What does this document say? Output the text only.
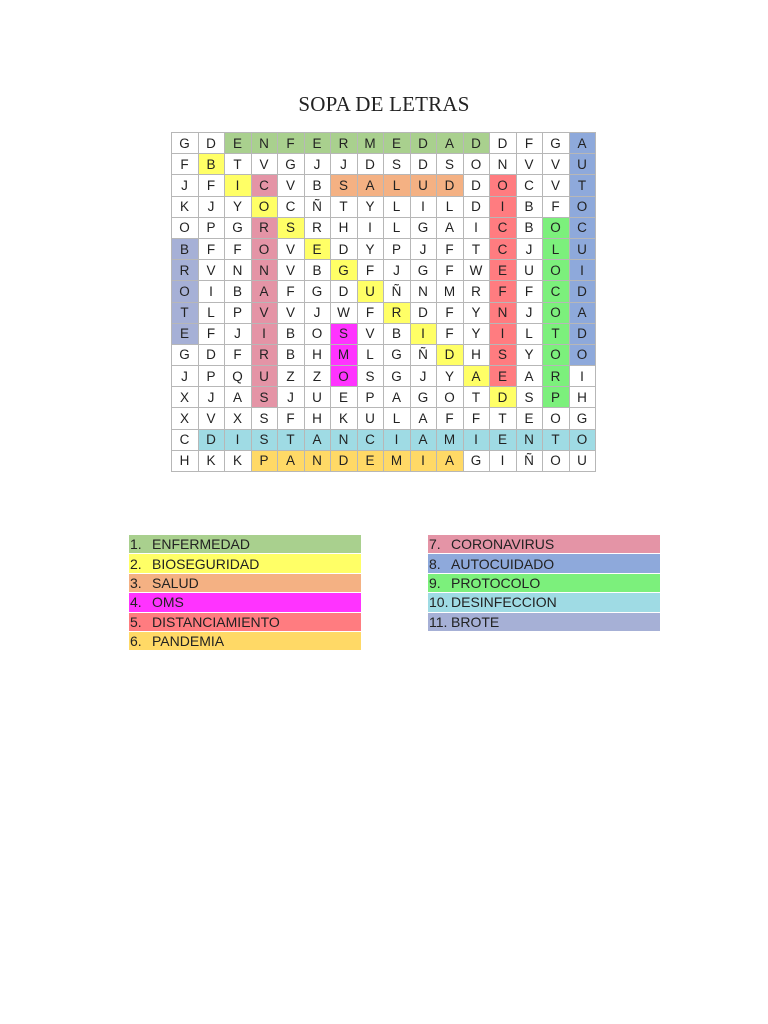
SOPA DE LETRAS
G	D	E	N	F	E	R	M	E	D	A	D	D	F	G	A
F	B	T	V	G	J	J	D	S	D	S	O	N	V	V	U
J	F	I	C	V	B	S	A	L	U	D	D	O	C	V	T
K	J	Y	O	C	Ñ	T	Y	L	I	L	D	I	B	F	O
O	P	G	R	S	R	H	I	L	G	A	I	C	B	O	C
B	F	F	O	V	E	D	Y	P	J	F	T	C	J	L	U
R	V	N	N	V	B	G	F	J	G	F	W	E	U	O	I
O	I	B	A	F	G	D	U	Ñ	N	M	R	F	F	C	D
T	L	P	V	V	J	W	F	R	D	F	Y	N	J	O	A
E	F	J	I	B	O	S	V	B	I	F	Y	I	L	T	D
G	D	F	R	B	H	M	L	G	Ñ	D	H	S	Y	O	O
J	P	Q	U	Z	Z	O	S	G	J	Y	A	E	A	R	I
X	J	A	S	J	U	E	P	A	G	O	T	D	S	P	H
X	V	X	S	F	H	K	U	L	A	F	F	T	E	O	G
C	D	I	S	T	A	N	C	I	A	M	I	E	N	T	O
H	K	K	P	A	N	D	E	M	I	A	G	I	Ñ	O	U
1. ENFERMEDAD
2. BIOSEGURIDAD
3. SALUD
4. OMS
5. DISTANCIAMIENTO
6. PANDEMIA
7. CORONAVIRUS
8. AUTOCUIDADO
9. PROTOCOLO
10. DESINFECCION
11. BROTE
